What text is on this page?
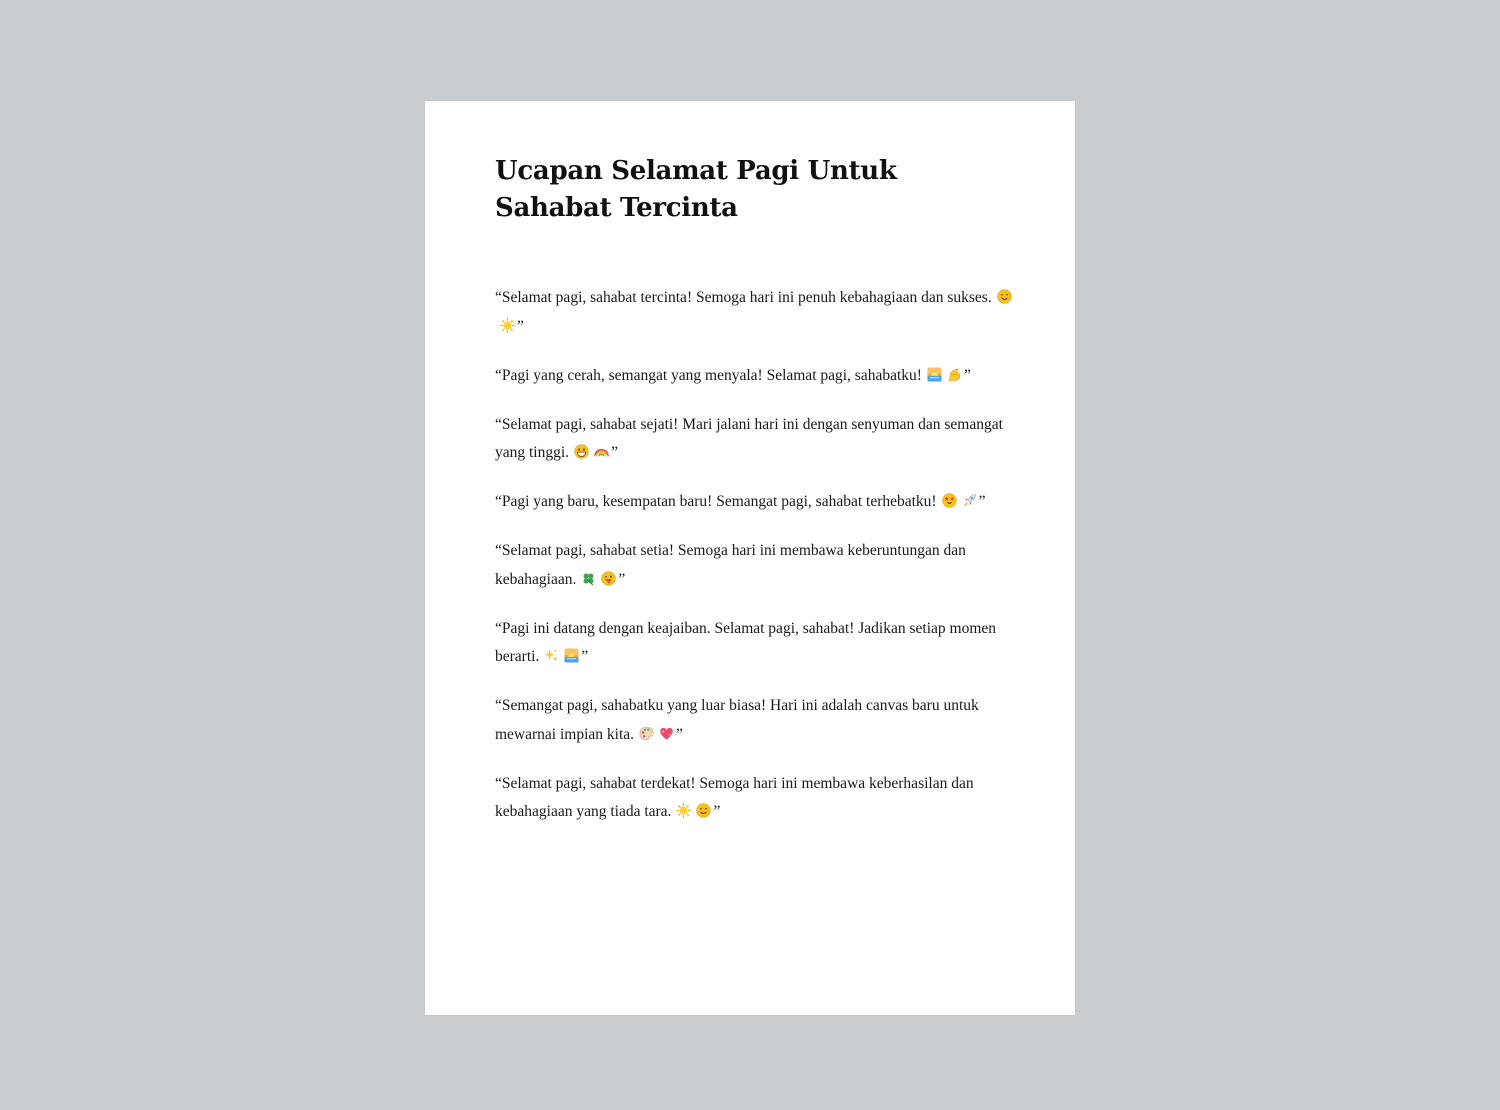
Ucapan Selamat Pagi Untuk Sahabat Tercinta

“Selamat pagi, sahabat tercinta! Semoga hari ini penuh kebahagiaan dan sukses.
”

“Pagi yang cerah, semangat yang menyala! Selamat pagi, sahabatku!	”

“Selamat pagi, sahabat sejati! Mari jalani hari ini dengan senyuman dan semangat yang tinggi.	”

“Pagi yang baru, kesempatan baru! Semangat pagi, sahabat terhebatku!	”

“Selamat pagi, sahabat setia! Semoga hari ini membawa keberuntungan dan kebahagiaan.	”

“Pagi ini datang dengan keajaiban. Selamat pagi, sahabat! Jadikan setiap momen berarti.	”

“Semangat pagi, sahabatku yang luar biasa! Hari ini adalah canvas baru untuk mewarnai impian kita.	”

“Selamat pagi, sahabat terdekat! Semoga hari ini membawa keberhasilan dan kebahagiaan yang tiada tara.	”
